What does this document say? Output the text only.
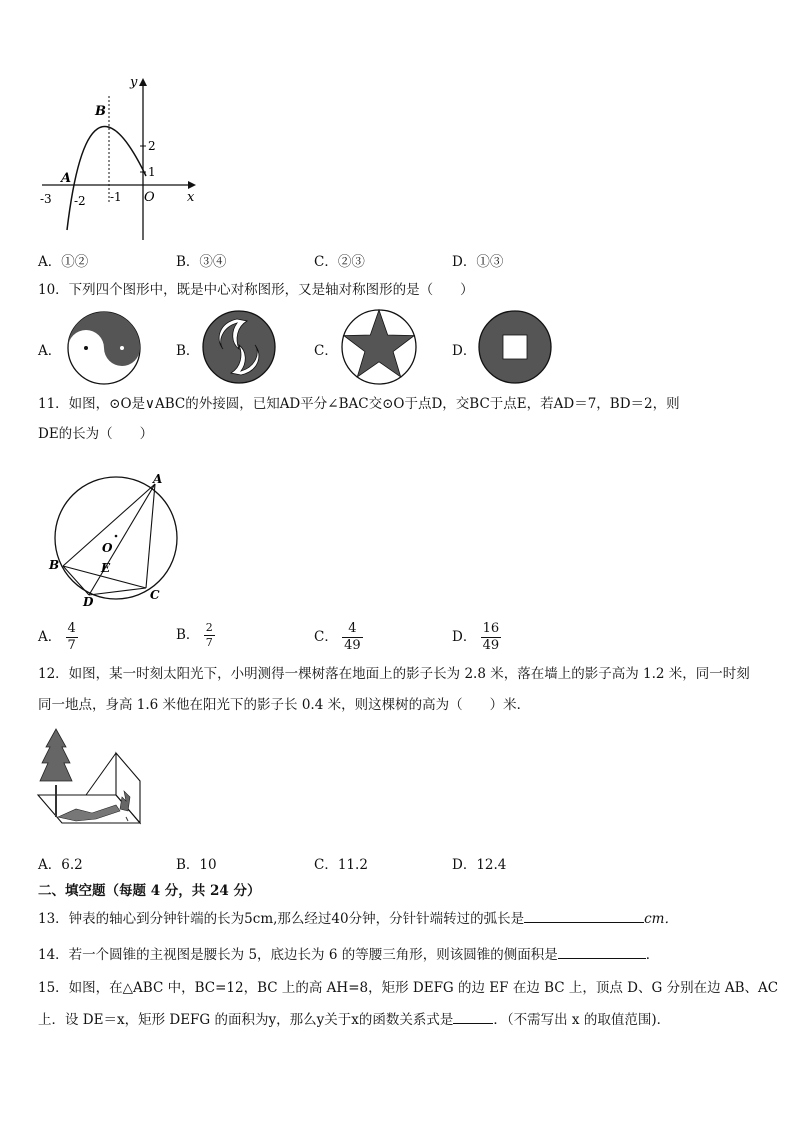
y
x
B
A
O
2
1
-3 -2 -1
A．①②	B．③④	C．②③	D．①③
10．下列四个图形中，既是中心对称图形，又是轴对称图形的是（　　）
A．	B．	C．	D．
11．如图，⊙O是∨ABC的外接圆，已知AD平分∠BAC交⊙O于点D，交BC于点E，若AD＝7，BD＝2，则
DE的长为（　　）
A
B
C
D
E
O
A． $\frac{4}{7}$	B． $\frac{2}{7}$	C． $\frac{4}{49}$	D． $\frac{16}{49}$
12．如图，某一时刻太阳光下，小明测得一棵树落在地面上的影子长为 2.8 米，落在墙上的影子高为 1.2 米，同一时刻
同一地点，身高 1.6 米他在阳光下的影子长 0.4 米，则这棵树的高为（　　）米．
A．6.2	B．10	C．11.2	D．12.4
二、填空题（每题 4 分，共 24 分）
13．钟表的轴心到分钟针端的长为5cm,那么经过40分钟，分针针端转过的弧长是	cm．
14．若一个圆锥的主视图是腰长为 5，底边长为 6 的等腰三角形，则该圆锥的侧面积是	．
15．如图，在△ABC 中，BC=12，BC 上的高 AH=8，矩形 DEFG 的边 EF 在边 BC 上，顶点 D、G 分别在边 AB、AC
上．设 DE＝x，矩形 DEFG 的面积为y，那么y关于x的函数关系式是	．（不需写出 x 的取值范围)．
